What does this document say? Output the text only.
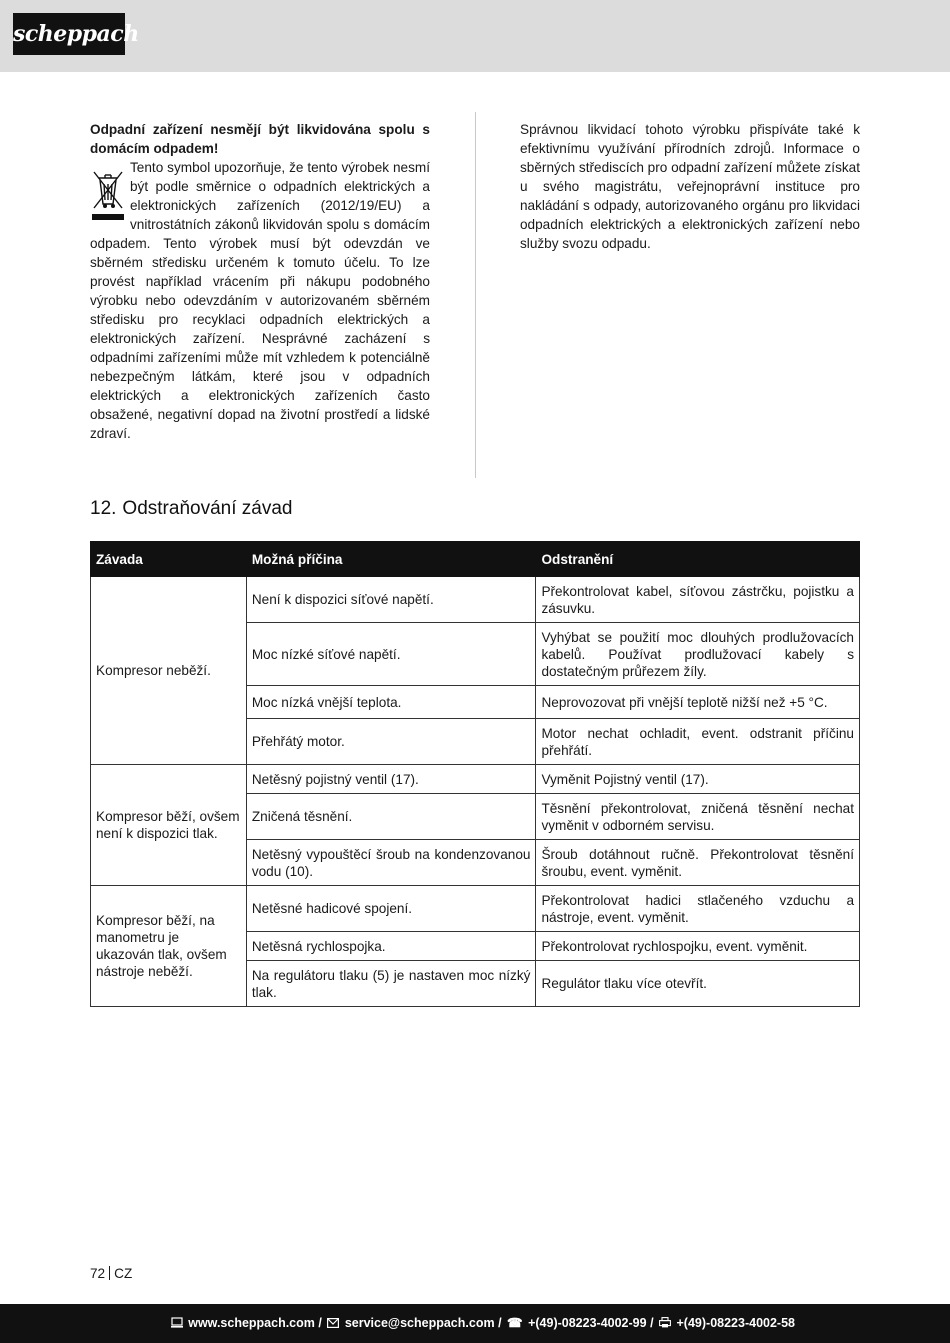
scheppach

Odpadní zařízení nesmějí být likvidována spolu s domácím odpadem!

Tento symbol upozorňuje, že tento výrobek nesmí být podle směrnice o odpadních elektrických a elektronických zařízeních (2012/19/EU) a vnitrostátních zákonů likvidován spolu s domácím odpadem. Tento výrobek musí být odevzdán ve sběrném středisku určeném k tomuto účelu. To lze provést například vrácením při nákupu podobného výrobku nebo odevzdáním v autorizovaném sběrném středisku pro recyklaci odpadních elektrických a elektronických zařízení. Nesprávné zacházení s odpadními zařízeními může mít vzhledem k potenciálně nebezpečným látkám, které jsou v odpadních elektrických a elektronických zařízeních často obsažené, negativní dopad na životní prostředí a lidské zdraví.

Správnou likvidací tohoto výrobku přispíváte také k efektivnímu využívání přírodních zdrojů. Informace o sběrných střediscích pro odpadní zařízení můžete získat u svého magistrátu, veřejnoprávní instituce pro nakládání s odpady, autorizovaného orgánu pro likvidaci odpadních elektrických a elektronických zařízení nebo služby svozu odpadu.
12. Odstraňování závad
Závada	Možná příčina	Odstranění
Kompresor neběží.	Není k dispozici síťové napětí.	Překontrolovat kabel, síťovou zástrčku, pojistku a zásuvku.
	Moc nízké síťové napětí.	Vyhýbat se použití moc dlouhých prodlužovacích kabelů. Používat prodlužovací kabely s dostatečným průřezem žíly.
	Moc nízká vnější teplota.	Neprovozovat při vnější teplotě nižší než +5 °C.
	Přehřátý motor.	Motor nechat ochladit, event. odstranit příčinu přehřátí.
Kompresor běží, ovšem není k dispozici tlak.	Netěsný pojistný ventil (17).	Vyměnit Pojistný ventil (17).
	Zničená těsnění.	Těsnění překontrolovat, zničená těsnění nechat vyměnit v odborném servisu.
	Netěsný vypouštěcí šroub na kondenzovanou vodu (10).	Šroub dotáhnout ručně. Překontrolovat těsnění šroubu, event. vyměnit.
Kompresor běží, na manometru je ukazován tlak, ovšem nástroje neběží.	Netěsné hadicové spojení.	Překontrolovat hadici stlačeného vzduchu a nástroje, event. vyměnit.
	Netěsná rychlospojka.	Překontrolovat rychlospojku, event. vyměnit.
	Na regulátoru tlaku (5) je nastaven moc nízký tlak.	Regulátor tlaku více otevřít.
72 CZ
www.scheppach.com /  service@scheppach.com / ☎ +(49)-08223-4002-99 /  +(49)-08223-4002-58
